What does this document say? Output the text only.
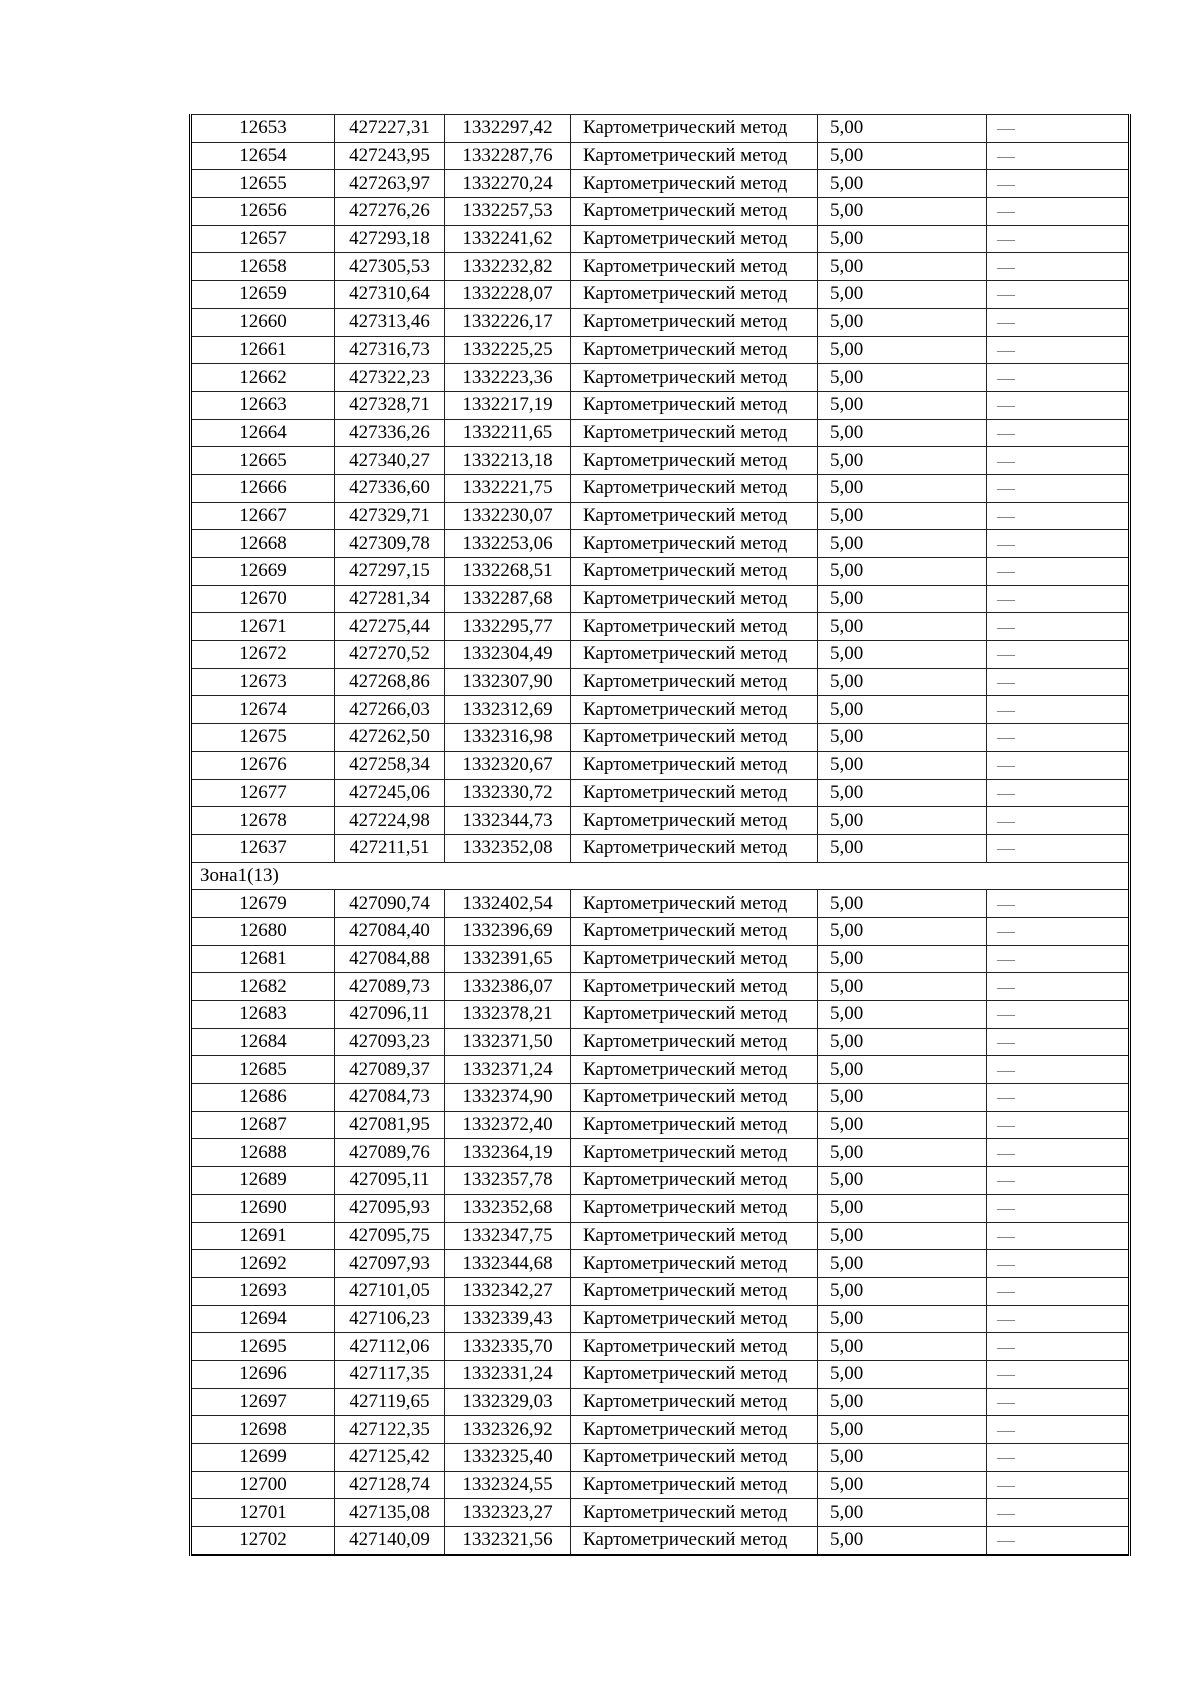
12653	427227,31	1332297,42	Картометрический метод	5,00	—
12654	427243,95	1332287,76	Картометрический метод	5,00	—
12655	427263,97	1332270,24	Картометрический метод	5,00	—
12656	427276,26	1332257,53	Картометрический метод	5,00	—
12657	427293,18	1332241,62	Картометрический метод	5,00	—
12658	427305,53	1332232,82	Картометрический метод	5,00	—
12659	427310,64	1332228,07	Картометрический метод	5,00	—
12660	427313,46	1332226,17	Картометрический метод	5,00	—
12661	427316,73	1332225,25	Картометрический метод	5,00	—
12662	427322,23	1332223,36	Картометрический метод	5,00	—
12663	427328,71	1332217,19	Картометрический метод	5,00	—
12664	427336,26	1332211,65	Картометрический метод	5,00	—
12665	427340,27	1332213,18	Картометрический метод	5,00	—
12666	427336,60	1332221,75	Картометрический метод	5,00	—
12667	427329,71	1332230,07	Картометрический метод	5,00	—
12668	427309,78	1332253,06	Картометрический метод	5,00	—
12669	427297,15	1332268,51	Картометрический метод	5,00	—
12670	427281,34	1332287,68	Картометрический метод	5,00	—
12671	427275,44	1332295,77	Картометрический метод	5,00	—
12672	427270,52	1332304,49	Картометрический метод	5,00	—
12673	427268,86	1332307,90	Картометрический метод	5,00	—
12674	427266,03	1332312,69	Картометрический метод	5,00	—
12675	427262,50	1332316,98	Картометрический метод	5,00	—
12676	427258,34	1332320,67	Картометрический метод	5,00	—
12677	427245,06	1332330,72	Картометрический метод	5,00	—
12678	427224,98	1332344,73	Картометрический метод	5,00	—
12637	427211,51	1332352,08	Картометрический метод	5,00	—
Зона1(13)					
12679	427090,74	1332402,54	Картометрический метод	5,00	—
12680	427084,40	1332396,69	Картометрический метод	5,00	—
12681	427084,88	1332391,65	Картометрический метод	5,00	—
12682	427089,73	1332386,07	Картометрический метод	5,00	—
12683	427096,11	1332378,21	Картометрический метод	5,00	—
12684	427093,23	1332371,50	Картометрический метод	5,00	—
12685	427089,37	1332371,24	Картометрический метод	5,00	—
12686	427084,73	1332374,90	Картометрический метод	5,00	—
12687	427081,95	1332372,40	Картометрический метод	5,00	—
12688	427089,76	1332364,19	Картометрический метод	5,00	—
12689	427095,11	1332357,78	Картометрический метод	5,00	—
12690	427095,93	1332352,68	Картометрический метод	5,00	—
12691	427095,75	1332347,75	Картометрический метод	5,00	—
12692	427097,93	1332344,68	Картометрический метод	5,00	—
12693	427101,05	1332342,27	Картометрический метод	5,00	—
12694	427106,23	1332339,43	Картометрический метод	5,00	—
12695	427112,06	1332335,70	Картометрический метод	5,00	—
12696	427117,35	1332331,24	Картометрический метод	5,00	—
12697	427119,65	1332329,03	Картометрический метод	5,00	—
12698	427122,35	1332326,92	Картометрический метод	5,00	—
12699	427125,42	1332325,40	Картометрический метод	5,00	—
12700	427128,74	1332324,55	Картометрический метод	5,00	—
12701	427135,08	1332323,27	Картометрический метод	5,00	—
12702	427140,09	1332321,56	Картометрический метод	5,00	—
